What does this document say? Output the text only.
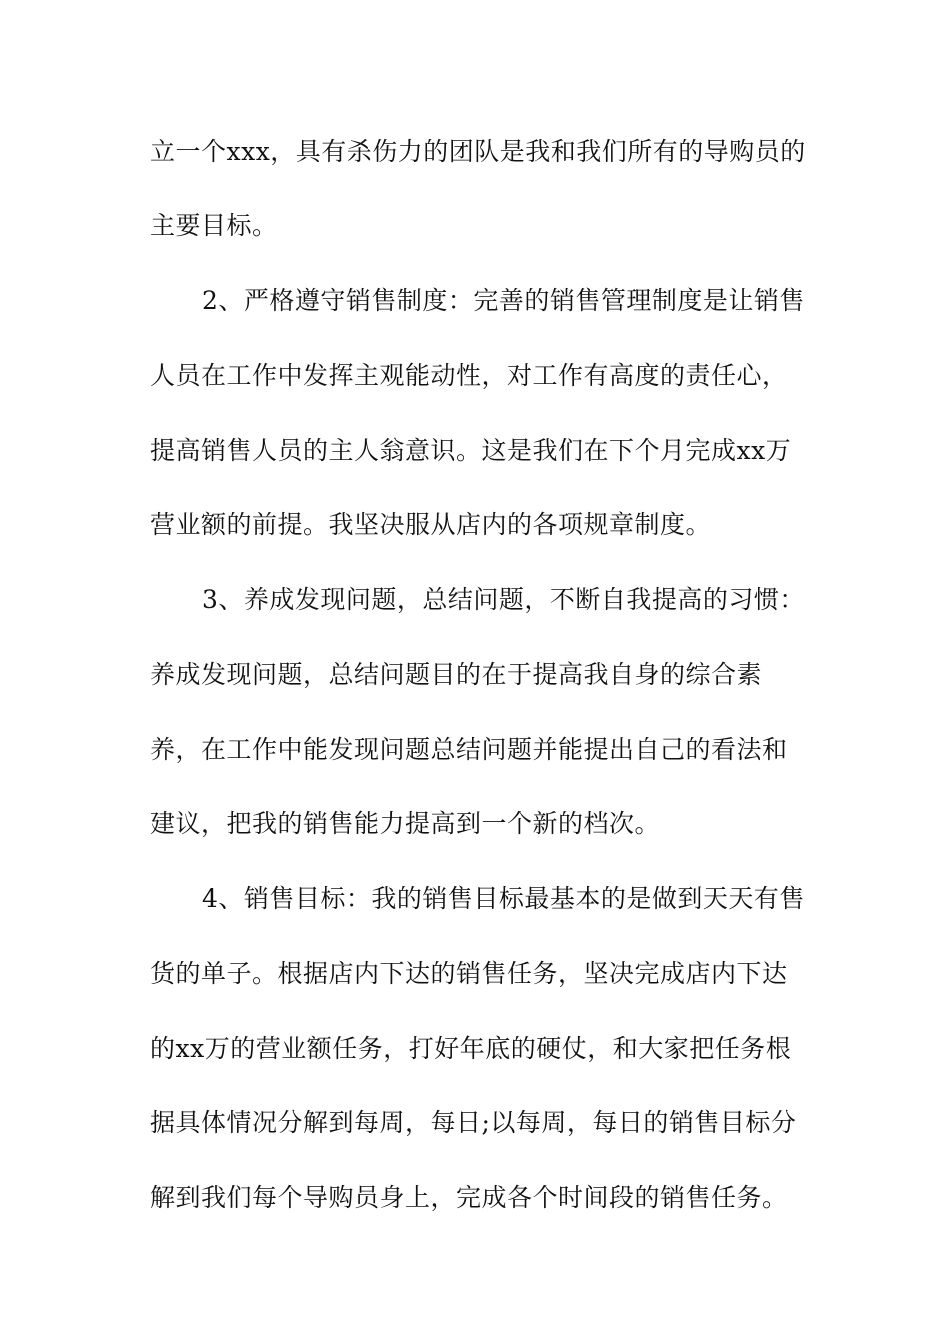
立一个xxx，具有杀伤力的团队是我和我们所有的导购员的
主要目标。
2、严格遵守销售制度：完善的销售管理制度是让销售
人员在工作中发挥主观能动性，对工作有高度的责任心，
提高销售人员的主人翁意识。这是我们在下个月完成xx万
营业额的前提。我坚决服从店内的各项规章制度。
3、养成发现问题，总结问题，不断自我提高的习惯：
养成发现问题，总结问题目的在于提高我自身的综合素
养，在工作中能发现问题总结问题并能提出自己的看法和
建议，把我的销售能力提高到一个新的档次。
4、销售目标：我的销售目标最基本的是做到天天有售
货的单子。根据店内下达的销售任务，坚决完成店内下达
的xx万的营业额任务，打好年底的硬仗，和大家把任务根
据具体情况分解到每周，每日;以每周，每日的销售目标分
解到我们每个导购员身上，完成各个时间段的销售任务。
